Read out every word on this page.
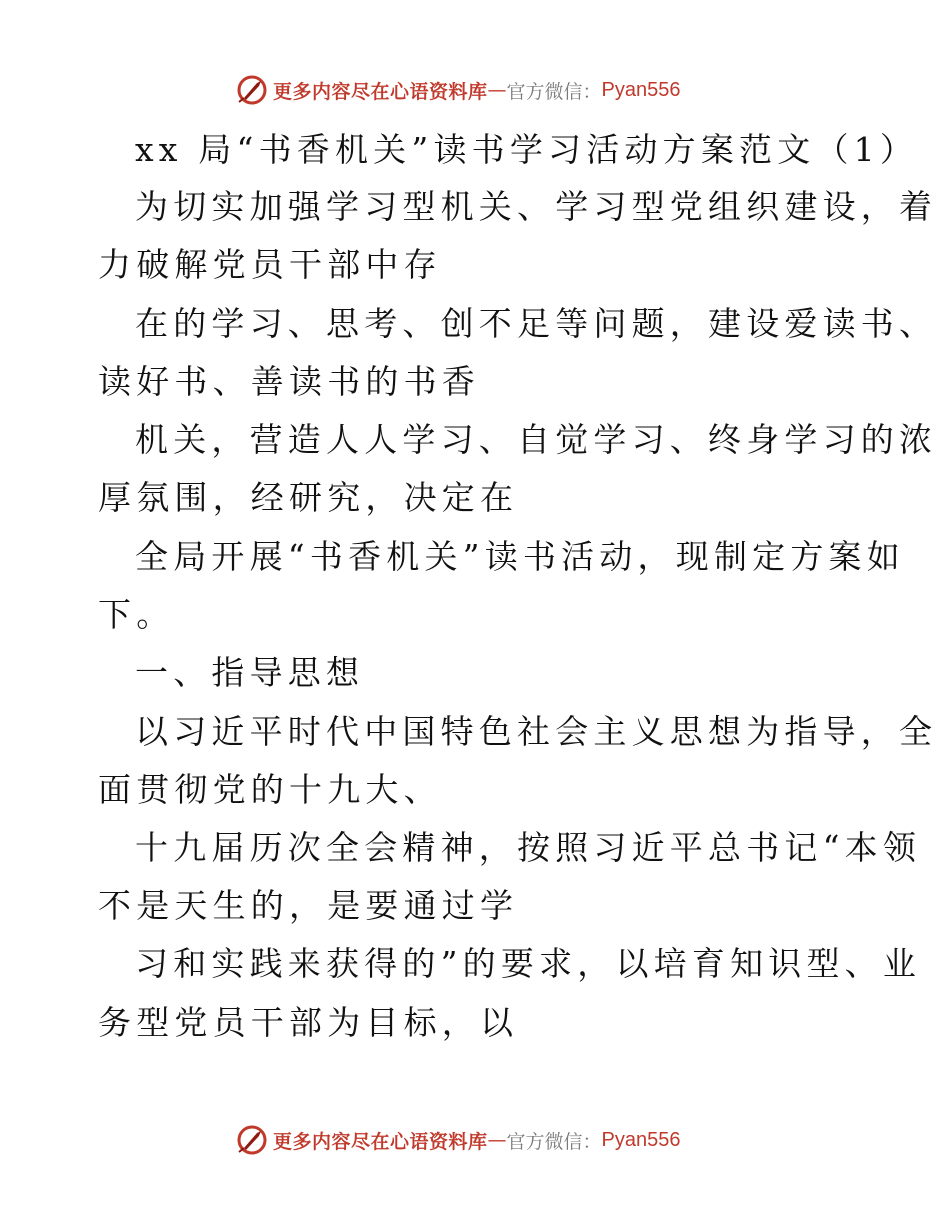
更多内容尽在心语资料库 — 官方微信： Pyan556
xx 局“书香机关”读书学习活动方案范文（1）
为切实加强学习型机关、学习型党组织建设，着
力破解党员干部中存
在的学习、思考、创不足等问题，建设爱读书、
读好书、善读书的书香
机关，营造人人学习、自觉学习、终身学习的浓
厚氛围，经研究，决定在
全局开展“书香机关”读书活动，现制定方案如
下。
一、指导思想
以习近平时代中国特色社会主义思想为指导，全
面贯彻党的十九大、
十九届历次全会精神，按照习近平总书记“本领
不是天生的，是要通过学
习和实践来获得的”的要求，以培育知识型、业
务型党员干部为目标，以
更多内容尽在心语资料库 — 官方微信： Pyan556
